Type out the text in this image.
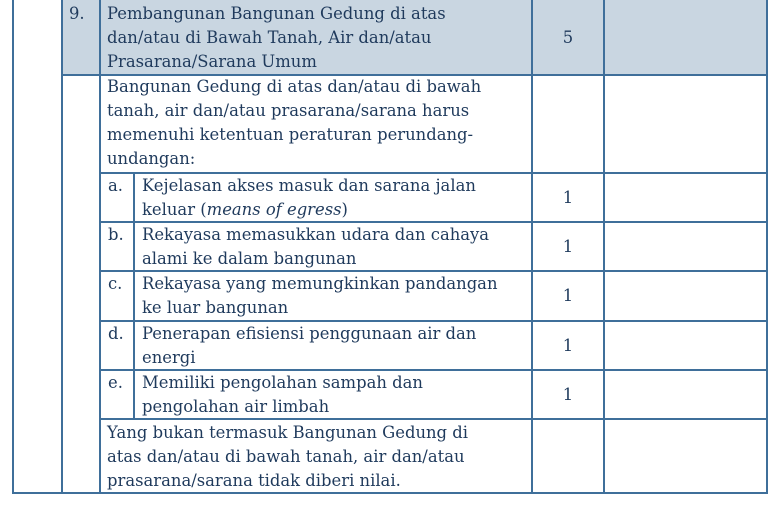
9. Pembangunan Bangunan Gedung di atas
dan/atau di Bawah Tanah, Air dan/atau
Prasarana/Sarana Umum
5
Bangunan Gedung di atas dan/atau di bawah
tanah, air dan/atau prasarana/sarana harus
memenuhi ketentuan peraturan perundang-
undangan:
a. Kejelasan akses masuk dan sarana jalan
keluar (means of egress)
1
b. Rekayasa memasukkan udara dan cahaya
alami ke dalam bangunan
1
c. Rekayasa yang memungkinkan pandangan
ke luar bangunan
1
d. Penerapan efisiensi penggunaan air dan
energi
1
e. Memiliki pengolahan sampah dan
pengolahan air limbah
1
Yang bukan termasuk Bangunan Gedung di
atas dan/atau di bawah tanah, air dan/atau
prasarana/sarana tidak diberi nilai.
